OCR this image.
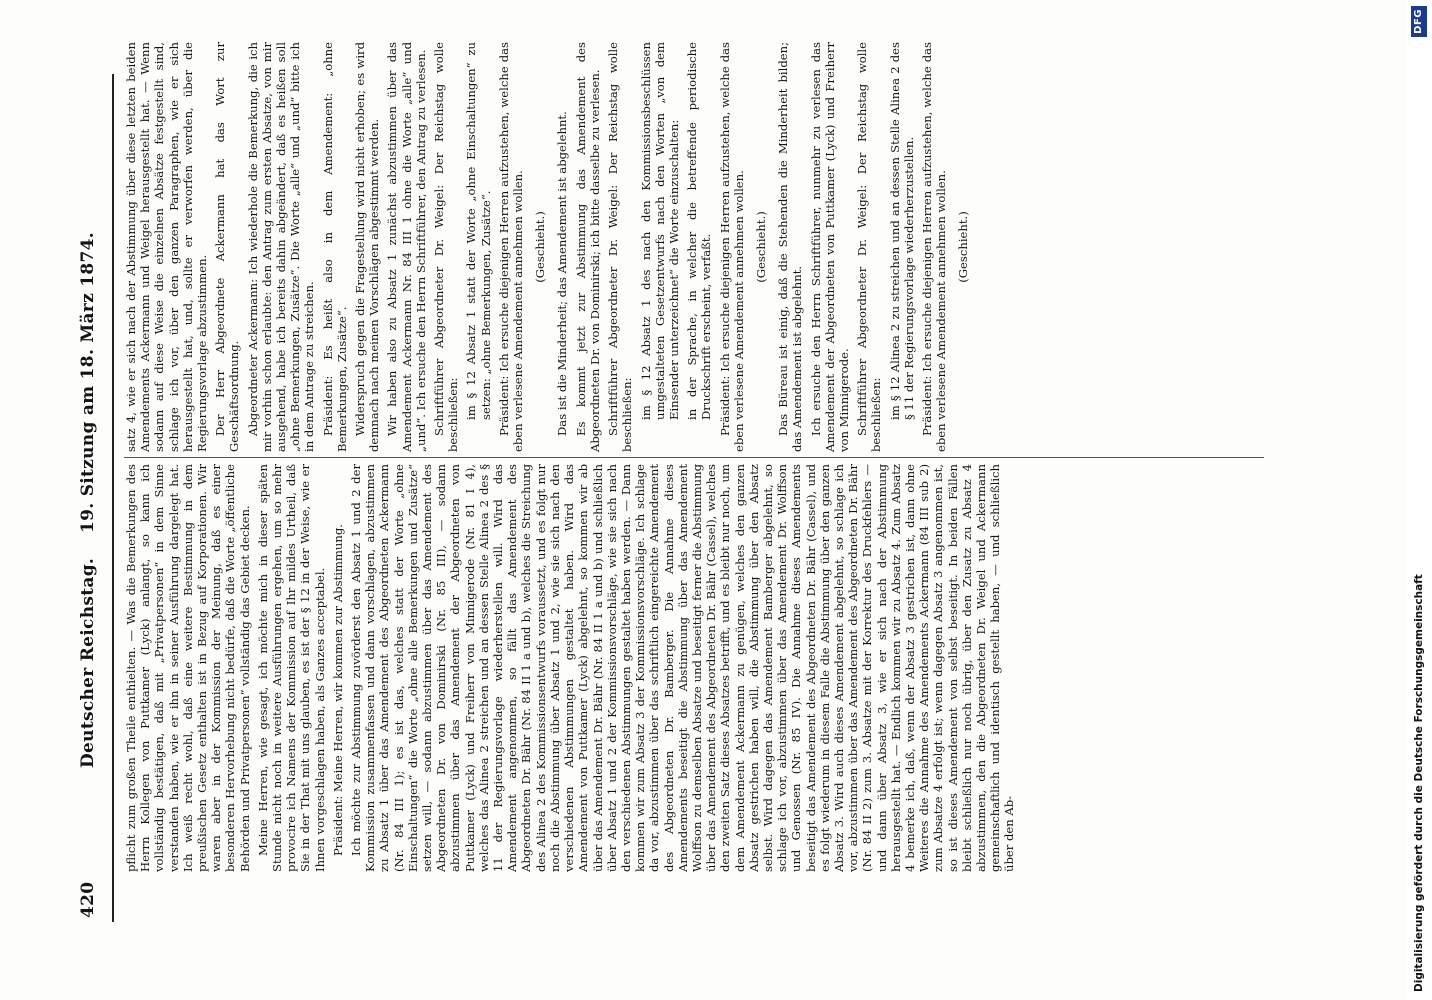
420
Deutscher Reichstag.    19. Sitzung am 18. März 1874.

pflicht zum großen Theile enthielten. — Was die Bemerkungen des Herrn Kollegen von Puttkamer (Lyck) anlangt, so kann ich vollständig bestätigen, daß mit „Privatpersonen“ in dem Sinne verstanden haben, wie er ihn in seiner Ausführung dargelegt hat. Ich weiß recht wohl, daß eine weitere Bestimmung in dem preußischen Gesetz enthalten ist in Bezug auf Korporationen. Wir waren aber in der Kommission der Meinung, daß es einer besonderen Hervorhebung nicht bedürfe, daß die Worte „öffentliche Behörden und Privatpersonen“ vollständig das Gebiet decken. Meine Herren, wie gesagt, ich möchte mich in dieser späten Stunde nicht noch in weitere Ausführungen ergehen, um so mehr provocire ich Namens der Kommission auf Ihr mildes Urtheil, daß Sie in der That mit uns glauben, es ist der § 12 in der Weise, wie er Ihnen vorgeschlagen haben, als Ganzes acceptabel. Präsident: Meine Herren, wir kommen zur Abstimmung. Ich möchte zur Abstimmung zuvörderst den Absatz 1 und 2 der Kommission zusammenfassen und dann vorschlagen, abzustimmen zu Absatz 1 über das Amendement des Abgeordneten Ackermann (Nr. 84 III 1); es ist das, welches statt der Worte „ohne Einschaltungen“ die Worte „ohne alle Bemerkungen und Zusätze“ setzen will, — sodann abzustimmen über das Amendement des Abgeordneten Dr. von Dominirski (Nr. 85 III), — sodann abzustimmen über das Amendement der Abgeordneten von Puttkamer (Lyck) und Freiherr von Minnigerode (Nr. 81 I 4), welches das Alinea 2 streichen und an dessen Stelle Alinea 2 des § 11 der Regierungsvorlage wiederherstellen will. Wird das Amendement angenommen, so fällt das Amendement des Abgeordneten Dr. Bähr (Nr. 84 II 1 a und b), welches die Streichung des Alinea 2 des Kommissionsentwurfs voraussetzt, und es folgt nur noch die Abstimmung über Absatz 1 und 2, wie sie sich nach den verschiedenen Abstimmungen gestaltet haben. Wird das Amendement von Puttkamer (Lyck) abgelehnt, so kommen wir ab über das Amendement Dr. Bähr (Nr. 84 II 1 a und b) und schließlich über Absatz 1 und 2 der Kommissionsvorschläge, wie sie sich nach den verschiedenen Abstimmungen gestaltet haben werden. — Dann kommen wir zum Absatz 3 der Kommissionsvorschläge. Ich schlage da vor, abzustimmen über das schriftlich eingereichte Amendement des Abgeordneten Dr. Bamberger. Die Annahme dieses Amendements beseitigt die Abstimmung über das Amendement Wolffson zu demselben Absatze und beseitigt ferner die Abstimmung über das Amendement des Abgeordneten Dr. Bähr (Cassel), welches den zweiten Satz dieses Absatzes betrifft, und es bleibt nur noch, um dem Amendement Ackermann zu genügen, welches den ganzen Absatz gestrichen haben will, die Abstimmung über den Absatz selbst. Wird dagegen das Amendement Bamberger abgelehnt, so schlage ich vor, abzustimmen über das Amendement Dr. Wolffson und Genossen (Nr. 85 IV). Die Annahme dieses Amendements beseitigt das Amendement des Abgeordneten Dr. Bähr (Cassel), und es folgt wiederum in diesem Falle die Abstimmung über den ganzen Absatz 3. Wird auch dieses Amendement abgelehnt, so schlage ich vor, abzustimmen über das Amendement des Abgeordneten Dr. Bähr (Nr. 84 II 2) zum 3. Absatze mit der Korrektur des Druckfehlers — und dann über Absatz 3, wie er sich nach der Abstimmung herausgestellt hat. — Endlich kommen wir zu Absatz 4. Zum Absatz 4 bemerke ich, daß, wenn der Absatz 3 gestrichen ist, dann ohne Weiteres die Annahme des Amendements Ackermann (84 III sub 2) zum Absatze 4 erfolgt ist; wenn dagegen Absatz 3 angenommen ist, so ist dieses Amendement von selbst beseitigt. In beiden Fällen bleibt schließlich nur noch übrig, über den Zusatz zu Absatz 4 abzustimmen, den die Abgeordneten Dr. Weigel und Ackermann gemeinschaftlich und identisch gestellt haben, — und schließlich über den Ab-

satz 4, wie er sich nach der Abstimmung über diese letzten beiden Amendements Ackermann und Weigel herausgestellt hat. — Wenn sodann auf diese Weise die einzelnen Absätze festgestellt sind, schlage ich vor, über den ganzen Paragraphen, wie er sich herausgestellt hat, und, sollte er verworfen werden, über die Regierungsvorlage abzustimmen. Der Herr Abgeordnete Ackermann hat das Wort zur Geschäftsordnung. Abgeordneter Ackermann: Ich wiederhole die Bemerkung, die ich mir vorhin schon erlaubte: den Antrag zum ersten Absatze, von mir ausgehend, habe ich bereits dahin abgeändert, daß es heißen soll „ohne Bemerkungen, Zusätze“. Die Worte „alle“ und „und“ bitte ich in dem Antrage zu streichen. Präsident: Es heißt also in dem Amendement: „ohne Bemerkungen, Zusätze“. Widerspruch gegen die Fragestellung wird nicht erhoben; es wird demnach nach meinen Vorschlägen abgestimmt werden. Wir haben also zu Absatz 1 zunächst abzustimmen über das Amendement Ackermann Nr. 84 III 1 ohne die Worte „alle“ und „und“. Ich ersuche den Herrn Schriftführer, den Antrag zu verlesen. Schriftführer Abgeordneter Dr. Weigel: Der Reichstag wolle beschließen: im § 12 Absatz 1 statt der Worte „ohne Einschaltungen“ zu setzen: „ohne Bemerkungen, Zusätze“. Präsident: Ich ersuche diejenigen Herren aufzustehen, welche das eben verlesene Amendement annehmen wollen. (Geschieht.) Das ist die Minderheit; das Amendement ist abgelehnt. Es kommt jetzt zur Abstimmung das Amendement des Abgeordneten Dr. von Dominirski; ich bitte dasselbe zu verlesen. Schriftführer Abgeordneter Dr. Weigel: Der Reichstag wolle beschließen: im § 12 Absatz 1 des nach den Kommissionsbeschlüssen umgestalteten Gesetzentwurfs nach den Worten „von dem Einsender unterzeichnet“ die Worte einzuschalten: in der Sprache, in welcher die betreffende periodische Druckschrift erscheint, verfaßt. Präsident: Ich ersuche diejenigen Herren aufzustehen, welche das eben verlesene Amendement annehmen wollen. (Geschieht.) Das Büreau ist einig, daß die Stehenden die Minderheit bilden; das Amendement ist abgelehnt. Ich ersuche den Herrn Schriftführer, nunmehr zu verlesen das Amendement der Abgeordneten von Puttkamer (Lyck) und Freiherr von Minnigerode. Schriftführer Abgeordneter Dr. Weigel: Der Reichstag wolle beschließen: im § 12 Alinea 2 zu streichen und an dessen Stelle Alinea 2 des § 11 der Regierungsvorlage wiederherzustellen. Präsident: Ich ersuche diejenigen Herren aufzustehen, welche das eben verlesene Amendement annehmen wollen. (Geschieht.)

Digitalisierung gefördert durch die Deutsche Forschungsgemeinschaft
DFG
